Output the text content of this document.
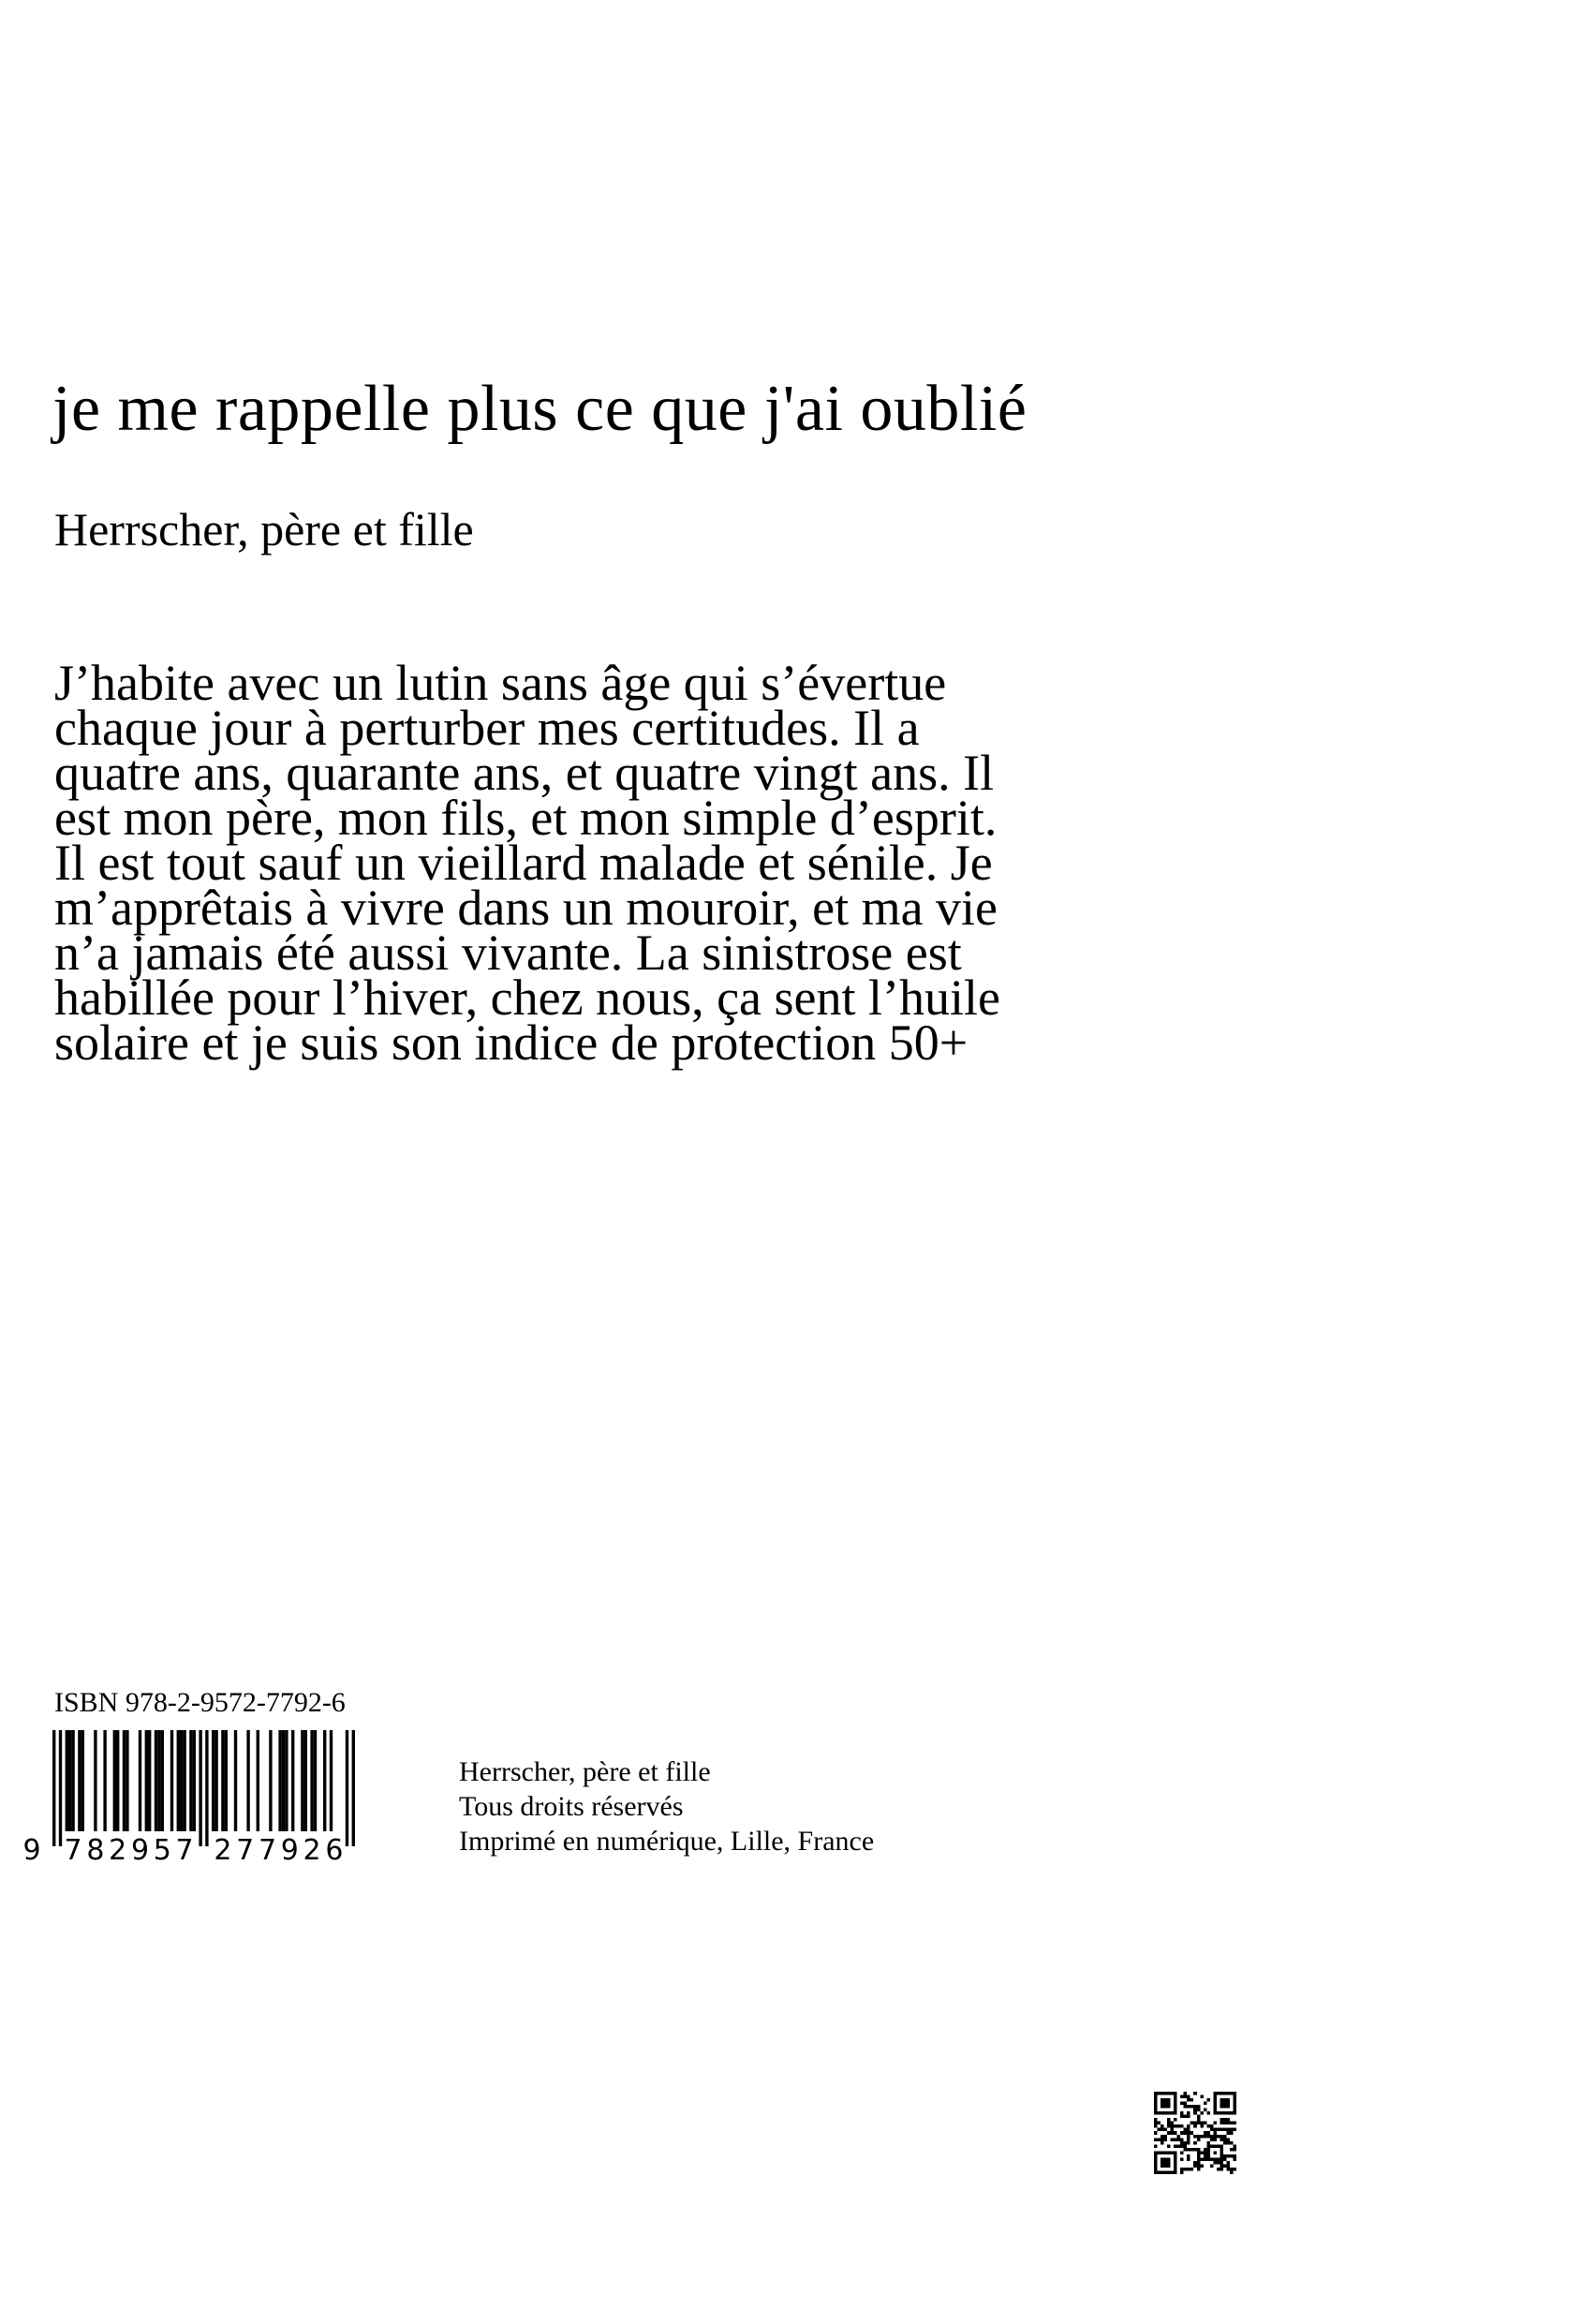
je me rappelle plus ce que j'ai oublié
Herrscher, père et fille
J’habite avec un lutin sans âge qui s’évertue
chaque jour à perturber mes certitudes. Il a
quatre ans, quarante ans, et quatre vingt ans. Il
est mon père, mon fils, et mon simple d’esprit.
Il est tout sauf un vieillard malade et sénile. Je
m’apprêtais à vivre dans un mouroir, et ma vie
n’a jamais été aussi vivante. La sinistrose est
habillée pour l’hiver, chez nous, ça sent l’huile
solaire et je suis son indice de protection 50+
ISBN 978-2-9572-7792-6
9 7 8 2 9 5 7 2 7 7 9 2 6
Herrscher, père et fille
Tous droits réservés
Imprimé en numérique, Lille, France
